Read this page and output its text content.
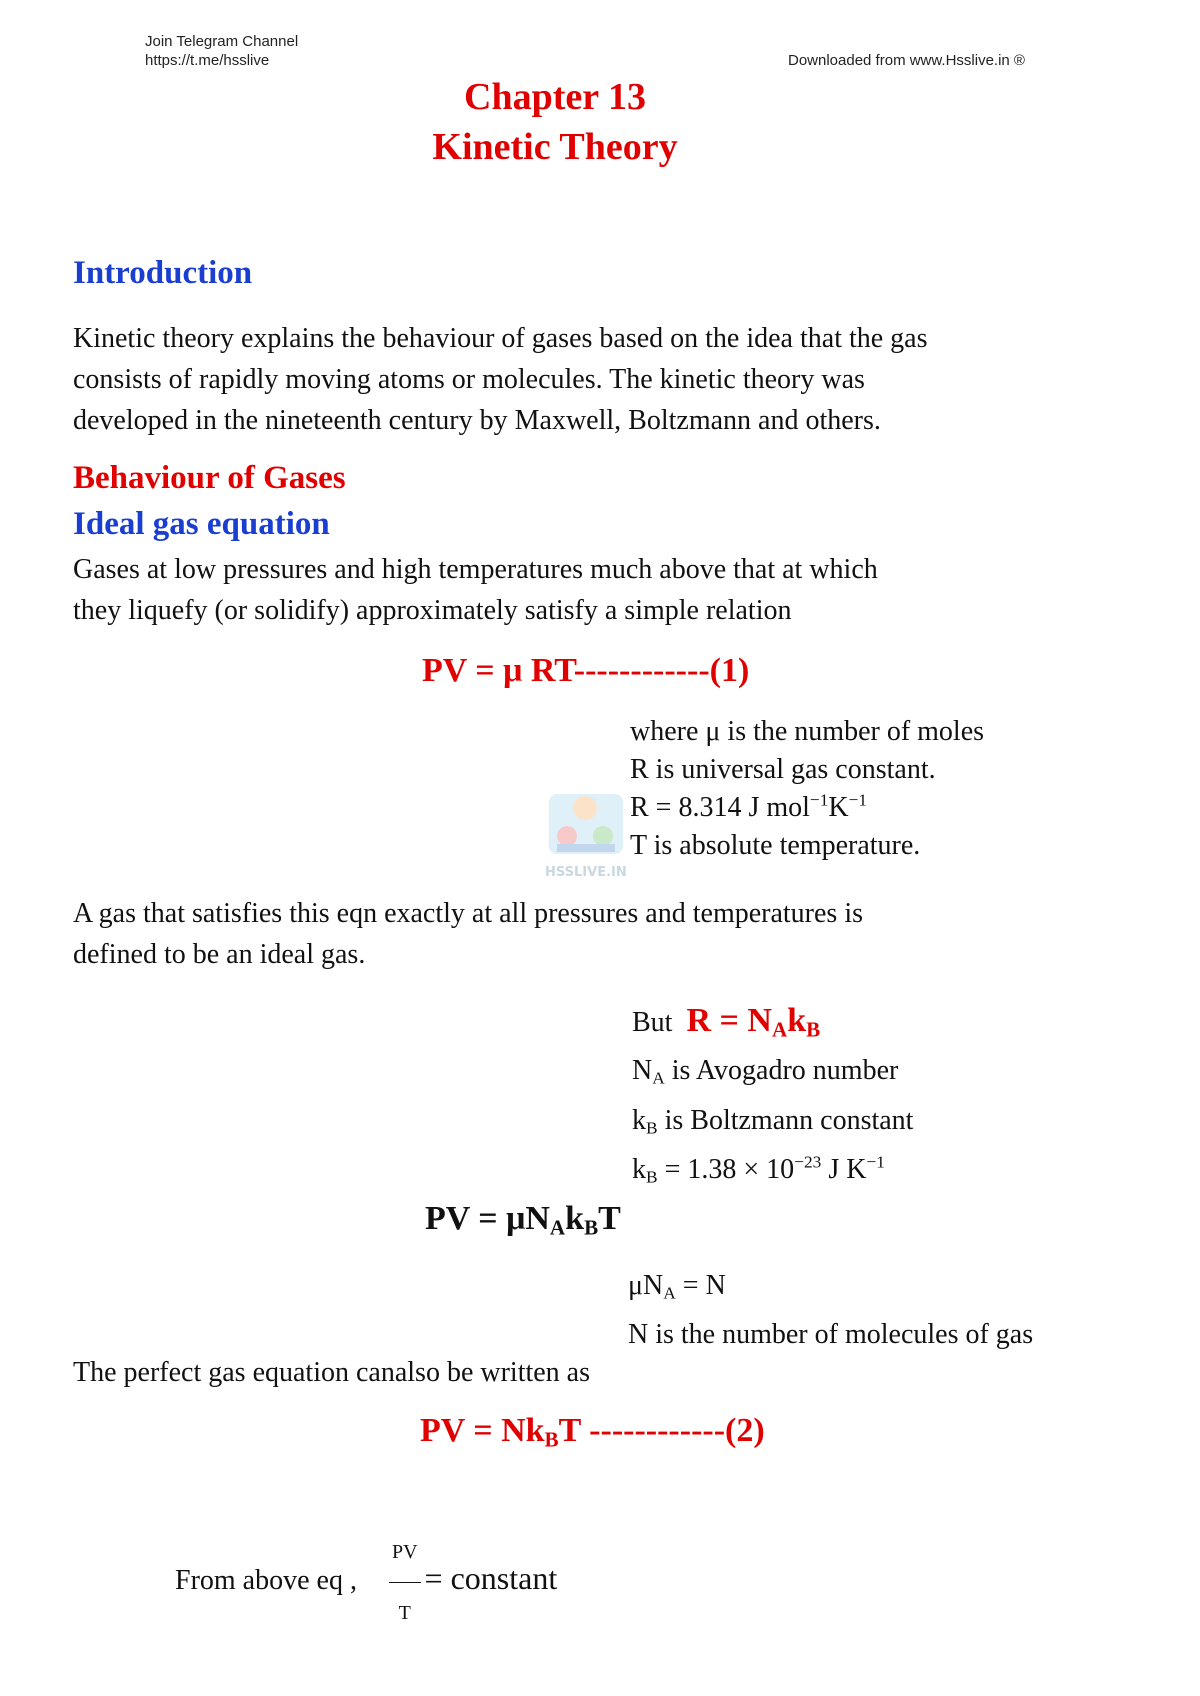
Join Telegram Channel
https://t.me/hsslive	Downloaded from www.Hsslive.in ®
Chapter 13
Kinetic Theory
Introduction
Kinetic theory explains the behaviour of gases based on the idea that the gas
consists of rapidly moving atoms or molecules. The kinetic theory was
developed in the nineteenth century by Maxwell, Boltzmann and others.
Behaviour of Gases
Ideal gas equation
Gases at low pressures and high temperatures much above that at which
they liquefy (or solidify) approximately satisfy a simple relation
PV = μ RT------------(1)
where μ is the number of moles
R is universal gas constant.
R = 8.314 J $mol^{-1}K^{-1}$
T is absolute temperature.
HSSLIVE.IN
A gas that satisfies this eqn exactly at all pressures and temperatures is
defined to be an ideal gas.
But $R = N_Ak_B$
$N_A$ is Avogadro number
$k_B$ is Boltzmann constant
$k_B = 1.38 \times 10^{-23}$ J $K^{-1}$
PV = $\mu N_Ak_BT$
$\mu N_A = N$
N is the number of molecules of gas
The perfect gas equation canalso be written as
PV = $Nk_BT$ ------------(2)
From above eq , $\frac{PV}{T}$ = constant
